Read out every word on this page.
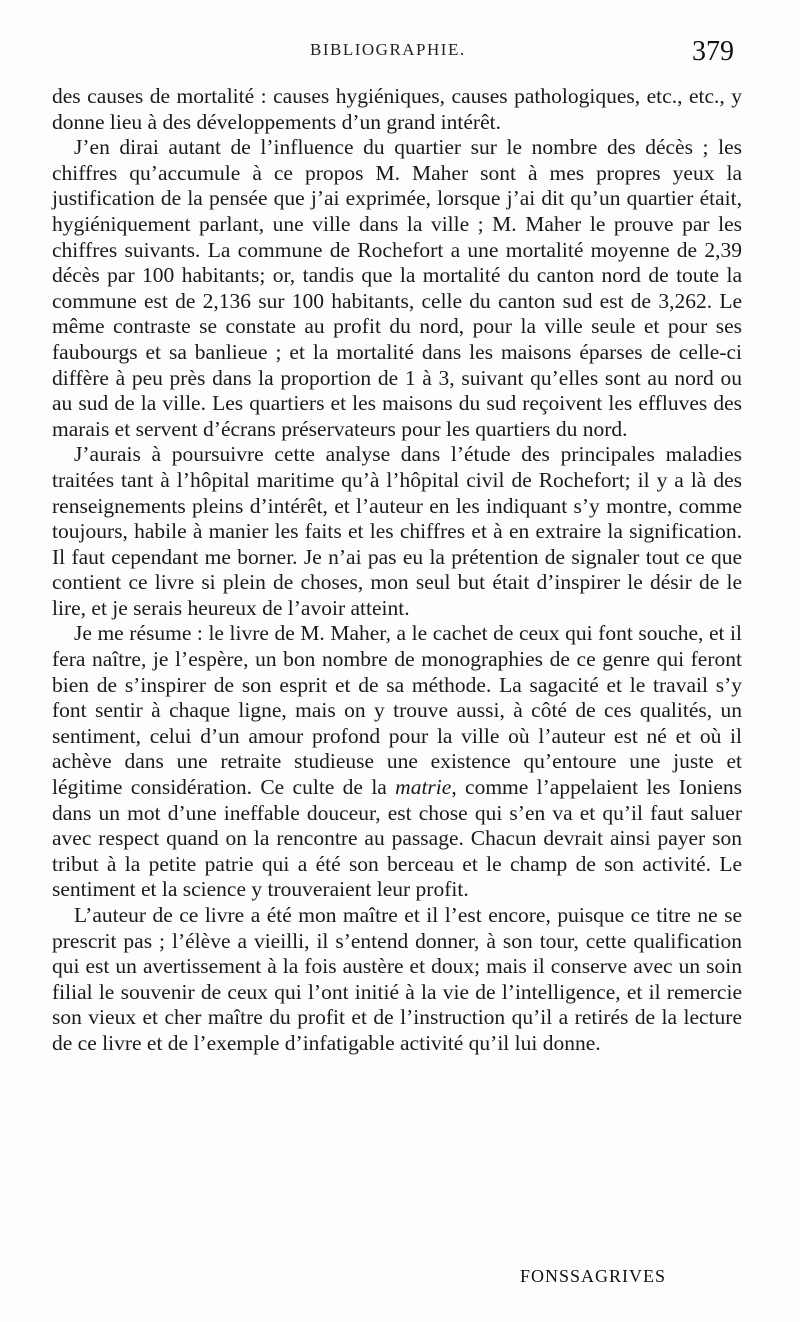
BIBLIOGRAPHIE.	379

des causes de mortalité : causes hygiéniques, causes pathologiques, etc., etc., y donne lieu à des développements d’un grand intérêt.

J’en dirai autant de l’influence du quartier sur le nombre des décès ; les chiffres qu’accumule à ce propos M. Maher sont à mes propres yeux la justification de la pensée que j’ai exprimée, lorsque j’ai dit qu’un quartier était, hygiéniquement parlant, une ville dans la ville ; M. Maher le prouve par les chiffres suivants. La commune de Rochefort a une mortalité moyenne de 2,39 décès par 100 habitants; or, tandis que la mortalité du canton nord de toute la commune est de 2,136 sur 100 habitants, celle du canton sud est de 3,262. Le même contraste se constate au profit du nord, pour la ville seule et pour ses faubourgs et sa banlieue ; et la mortalité dans les maisons éparses de celle-ci diffère à peu près dans la proportion de 1 à 3, suivant qu’elles sont au nord ou au sud de la ville. Les quartiers et les maisons du sud reçoivent les effluves des marais et servent d’écrans préservateurs pour les quartiers du nord.

J’aurais à poursuivre cette analyse dans l’étude des principales maladies traitées tant à l’hôpital maritime qu’à l’hôpital civil de Rochefort; il y a là des renseignements pleins d’intérêt, et l’auteur en les indiquant s’y montre, comme toujours, habile à manier les faits et les chiffres et à en extraire la signification. Il faut cependant me borner. Je n’ai pas eu la prétention de signaler tout ce que contient ce livre si plein de choses, mon seul but était d’inspirer le désir de le lire, et je serais heureux de l’avoir atteint.

Je me résume : le livre de M. Maher, a le cachet de ceux qui font souche, et il fera naître, je l’espère, un bon nombre de monographies de ce genre qui feront bien de s’inspirer de son esprit et de sa méthode. La sagacité et le travail s’y font sentir à chaque ligne, mais on y trouve aussi, à côté de ces qualités, un sentiment, celui d’un amour profond pour la ville où l’auteur est né et où il achève dans une retraite studieuse une existence qu’entoure une juste et légitime considération. Ce culte de la matrie, comme l’appelaient les Ioniens dans un mot d’une ineffable douceur, est chose qui s’en va et qu’il faut saluer avec respect quand on la rencontre au passage. Chacun devrait ainsi payer son tribut à la petite patrie qui a été son berceau et le champ de son activité. Le sentiment et la science y trouveraient leur profit.

L’auteur de ce livre a été mon maître et il l’est encore, puisque ce titre ne se prescrit pas ; l’élève a vieilli, il s’entend donner, à son tour, cette qualification qui est un avertissement à la fois austère et doux; mais il conserve avec un soin filial le souvenir de ceux qui l’ont initié à la vie de l’intelligence, et il remercie son vieux et cher maître du profit et de l’instruction qu’il a retirés de la lecture de ce livre et de l’exemple d’infatigable activité qu’il lui donne.

FONSSAGRIVES
